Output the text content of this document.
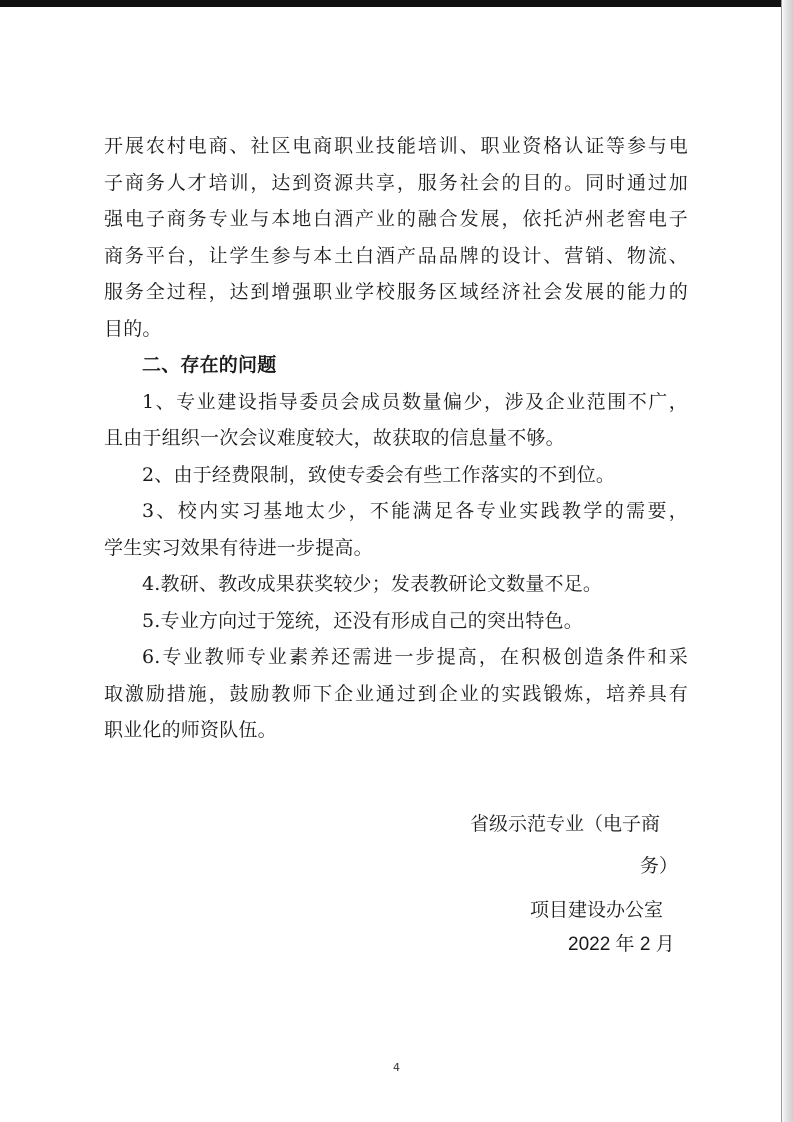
开展农村电商、社区电商职业技能培训、职业资格认证等参与电
子商务人才培训，达到资源共享，服务社会的目的。同时通过加
强电子商务专业与本地白酒产业的融合发展，依托泸州老窖电子
商务平台，让学生参与本土白酒产品品牌的设计、营销、物流、
服务全过程，达到增强职业学校服务区域经济社会发展的能力的
目的。
二、存在的问题
1、专业建设指导委员会成员数量偏少，涉及企业范围不广，
且由于组织一次会议难度较大，故获取的信息量不够。
2、由于经费限制，致使专委会有些工作落实的不到位。
3、校内实习基地太少，不能满足各专业实践教学的需要，
学生实习效果有待进一步提高。
4.教研、教改成果获奖较少；发表教研论文数量不足。
5.专业方向过于笼统，还没有形成自己的突出特色。
6.专业教师专业素养还需进一步提高，在积极创造条件和采
取激励措施，鼓励教师下企业通过到企业的实践锻炼，培养具有
职业化的师资队伍。
省级示范专业（电子商
务）
项目建设办公室
2022 年 2 月
4
